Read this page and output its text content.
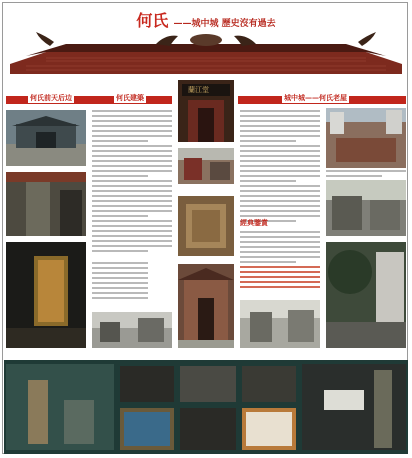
何氏 ——城中城 歷史沒有過去
何氏前天后边	何氏建築	城中城——何氏老屋
蘭江堂
經典鑒賞
